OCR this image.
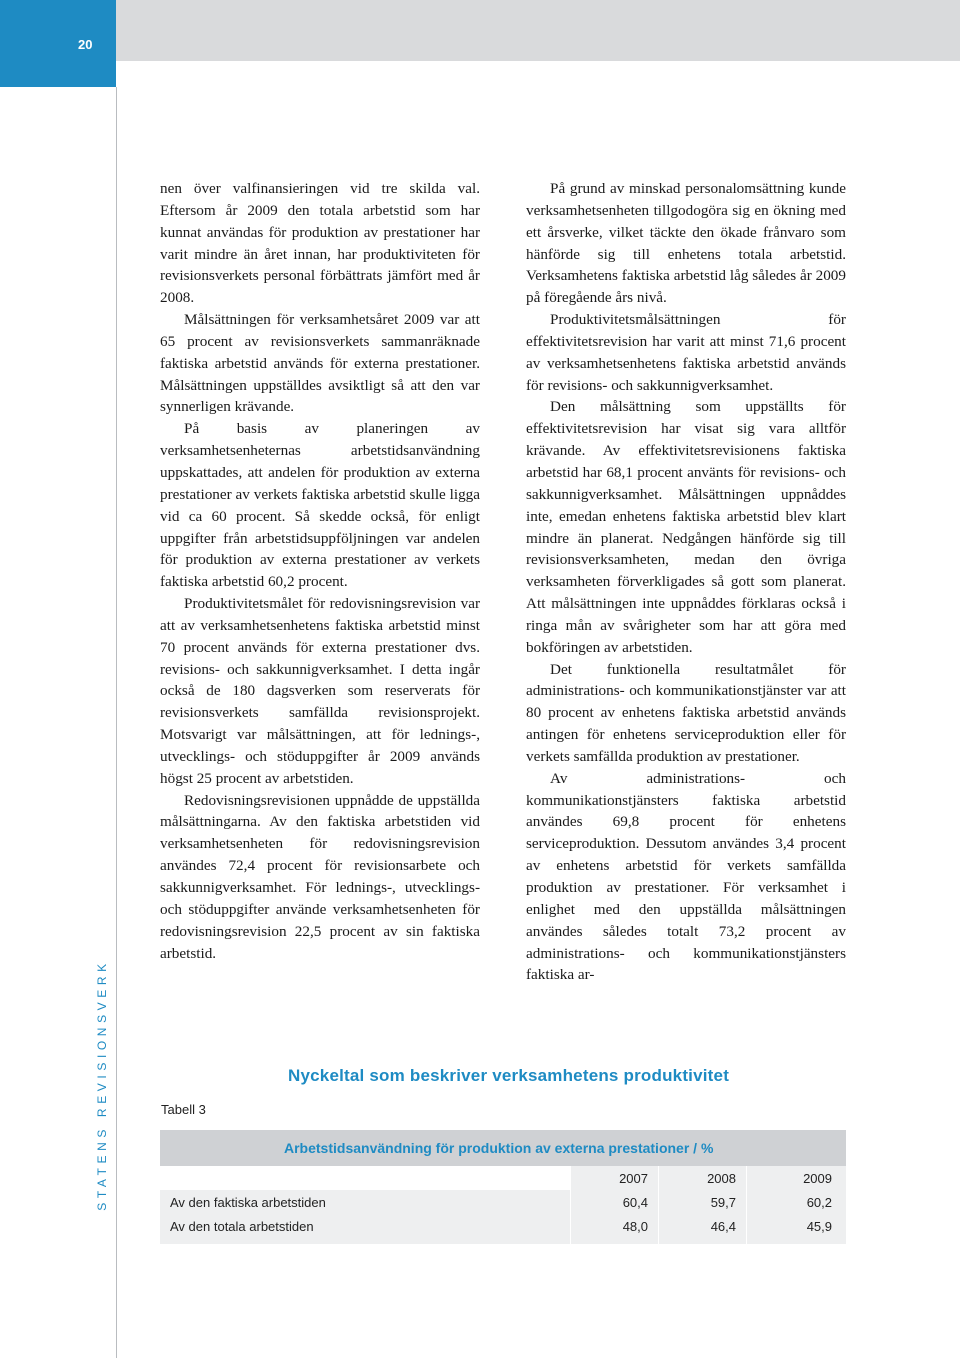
20
STATENS REVISIONSVERK

nen över valfinansieringen vid tre skilda val. Eftersom år 2009 den totala arbetstid som har kunnat användas för produktion av prestationer har varit mindre än året innan, har produktiviteten för revisionsverkets personal förbättrats jämfört med år 2008.

Målsättningen för verksamhetsåret 2009 var att 65 procent av revisionsverkets sammanräknade faktiska arbetstid används för externa prestationer. Målsättningen uppställdes avsiktligt så att den var synnerligen krävande.

På basis av planeringen av verksamhetsenheternas arbetstidsanvändning uppskattades, att andelen för produktion av externa prestationer av verkets faktiska arbetstid skulle ligga vid ca 60 procent. Så skedde också, för enligt uppgifter från arbetstidsuppföljningen var andelen för produktion av externa prestationer av verkets faktiska arbetstid 60,2 procent.

Produktivitetsmålet för redovisningsrevision var att av verksamhetsenhetens faktiska arbetstid minst 70 procent används för externa prestationer dvs. revisions- och sakkunnigverksamhet. I detta ingår också de 180 dagsverken som reserverats för revisionsverkets samfällda revisionsprojekt. Motsvarigt var målsättningen, att för lednings-, utvecklings- och stöduppgifter år 2009 används högst 25 procent av arbetstiden.

Redovisningsrevisionen uppnådde de uppställda målsättningarna. Av den faktiska arbetstiden vid verksamhetsenheten för redovisningsrevision användes 72,4 procent för revisionsarbete och sakkunnigverksamhet. För lednings-, utvecklings- och stöduppgifter använde verksamhetsenheten för redovisningsrevision 22,5 procent av sin faktiska arbetstid.

På grund av minskad personalomsättning kunde verksamhetsenheten tillgodogöra sig en ökning med ett årsverke, vilket täckte den ökade frånvaro som hänförde sig till enhetens totala arbetstid. Verksamhetens faktiska arbetstid låg således år 2009 på föregående års nivå.

Produktivitetsmålsättningen för effektivitetsrevision har varit att minst 71,6 procent av verksamhetsenhetens faktiska arbetstid används för revisions- och sakkunnigverksamhet.

Den målsättning som uppställts för effektivitetsrevision har visat sig vara alltför krävande. Av effektivitetsrevisionens faktiska arbetstid har 68,1 procent använts för revisions- och sakkunnigverksamhet. Målsättningen uppnåddes inte, emedan enhetens faktiska arbetstid blev klart mindre än planerat. Nedgången hänförde sig till revisionsverksamheten, medan den övriga verksamheten förverkligades så gott som planerat. Att målsättningen inte uppnåddes förklaras också i ringa mån av svårigheter som har att göra med bokföringen av arbetstiden.

Det funktionella resultatmålet för administrations- och kommunikationstjänster var att 80 procent av enhetens faktiska arbetstid används antingen för enhetens serviceproduktion eller för verkets samfällda produktion av prestationer.

Av administrations- och kommunikationstjänsters faktiska arbetstid användes 69,8 procent för enhetens serviceproduktion. Dessutom användes 3,4 procent av enhetens arbetstid för verkets samfällda produktion av prestationer. För verksamhet i enlighet med den uppställda målsättningen användes således totalt 73,2 procent av administrations- och kommunikationstjänsters faktiska ar-

Nyckeltal som beskriver verksamhetens produktivitet
Tabell 3
Arbetstidsanvändning för produktion av externa prestationer / %
2007	2008	2009
Av den faktiska arbetstiden	60,4	59,7	60,2
Av den totala arbetstiden	48,0	46,4	45,9
